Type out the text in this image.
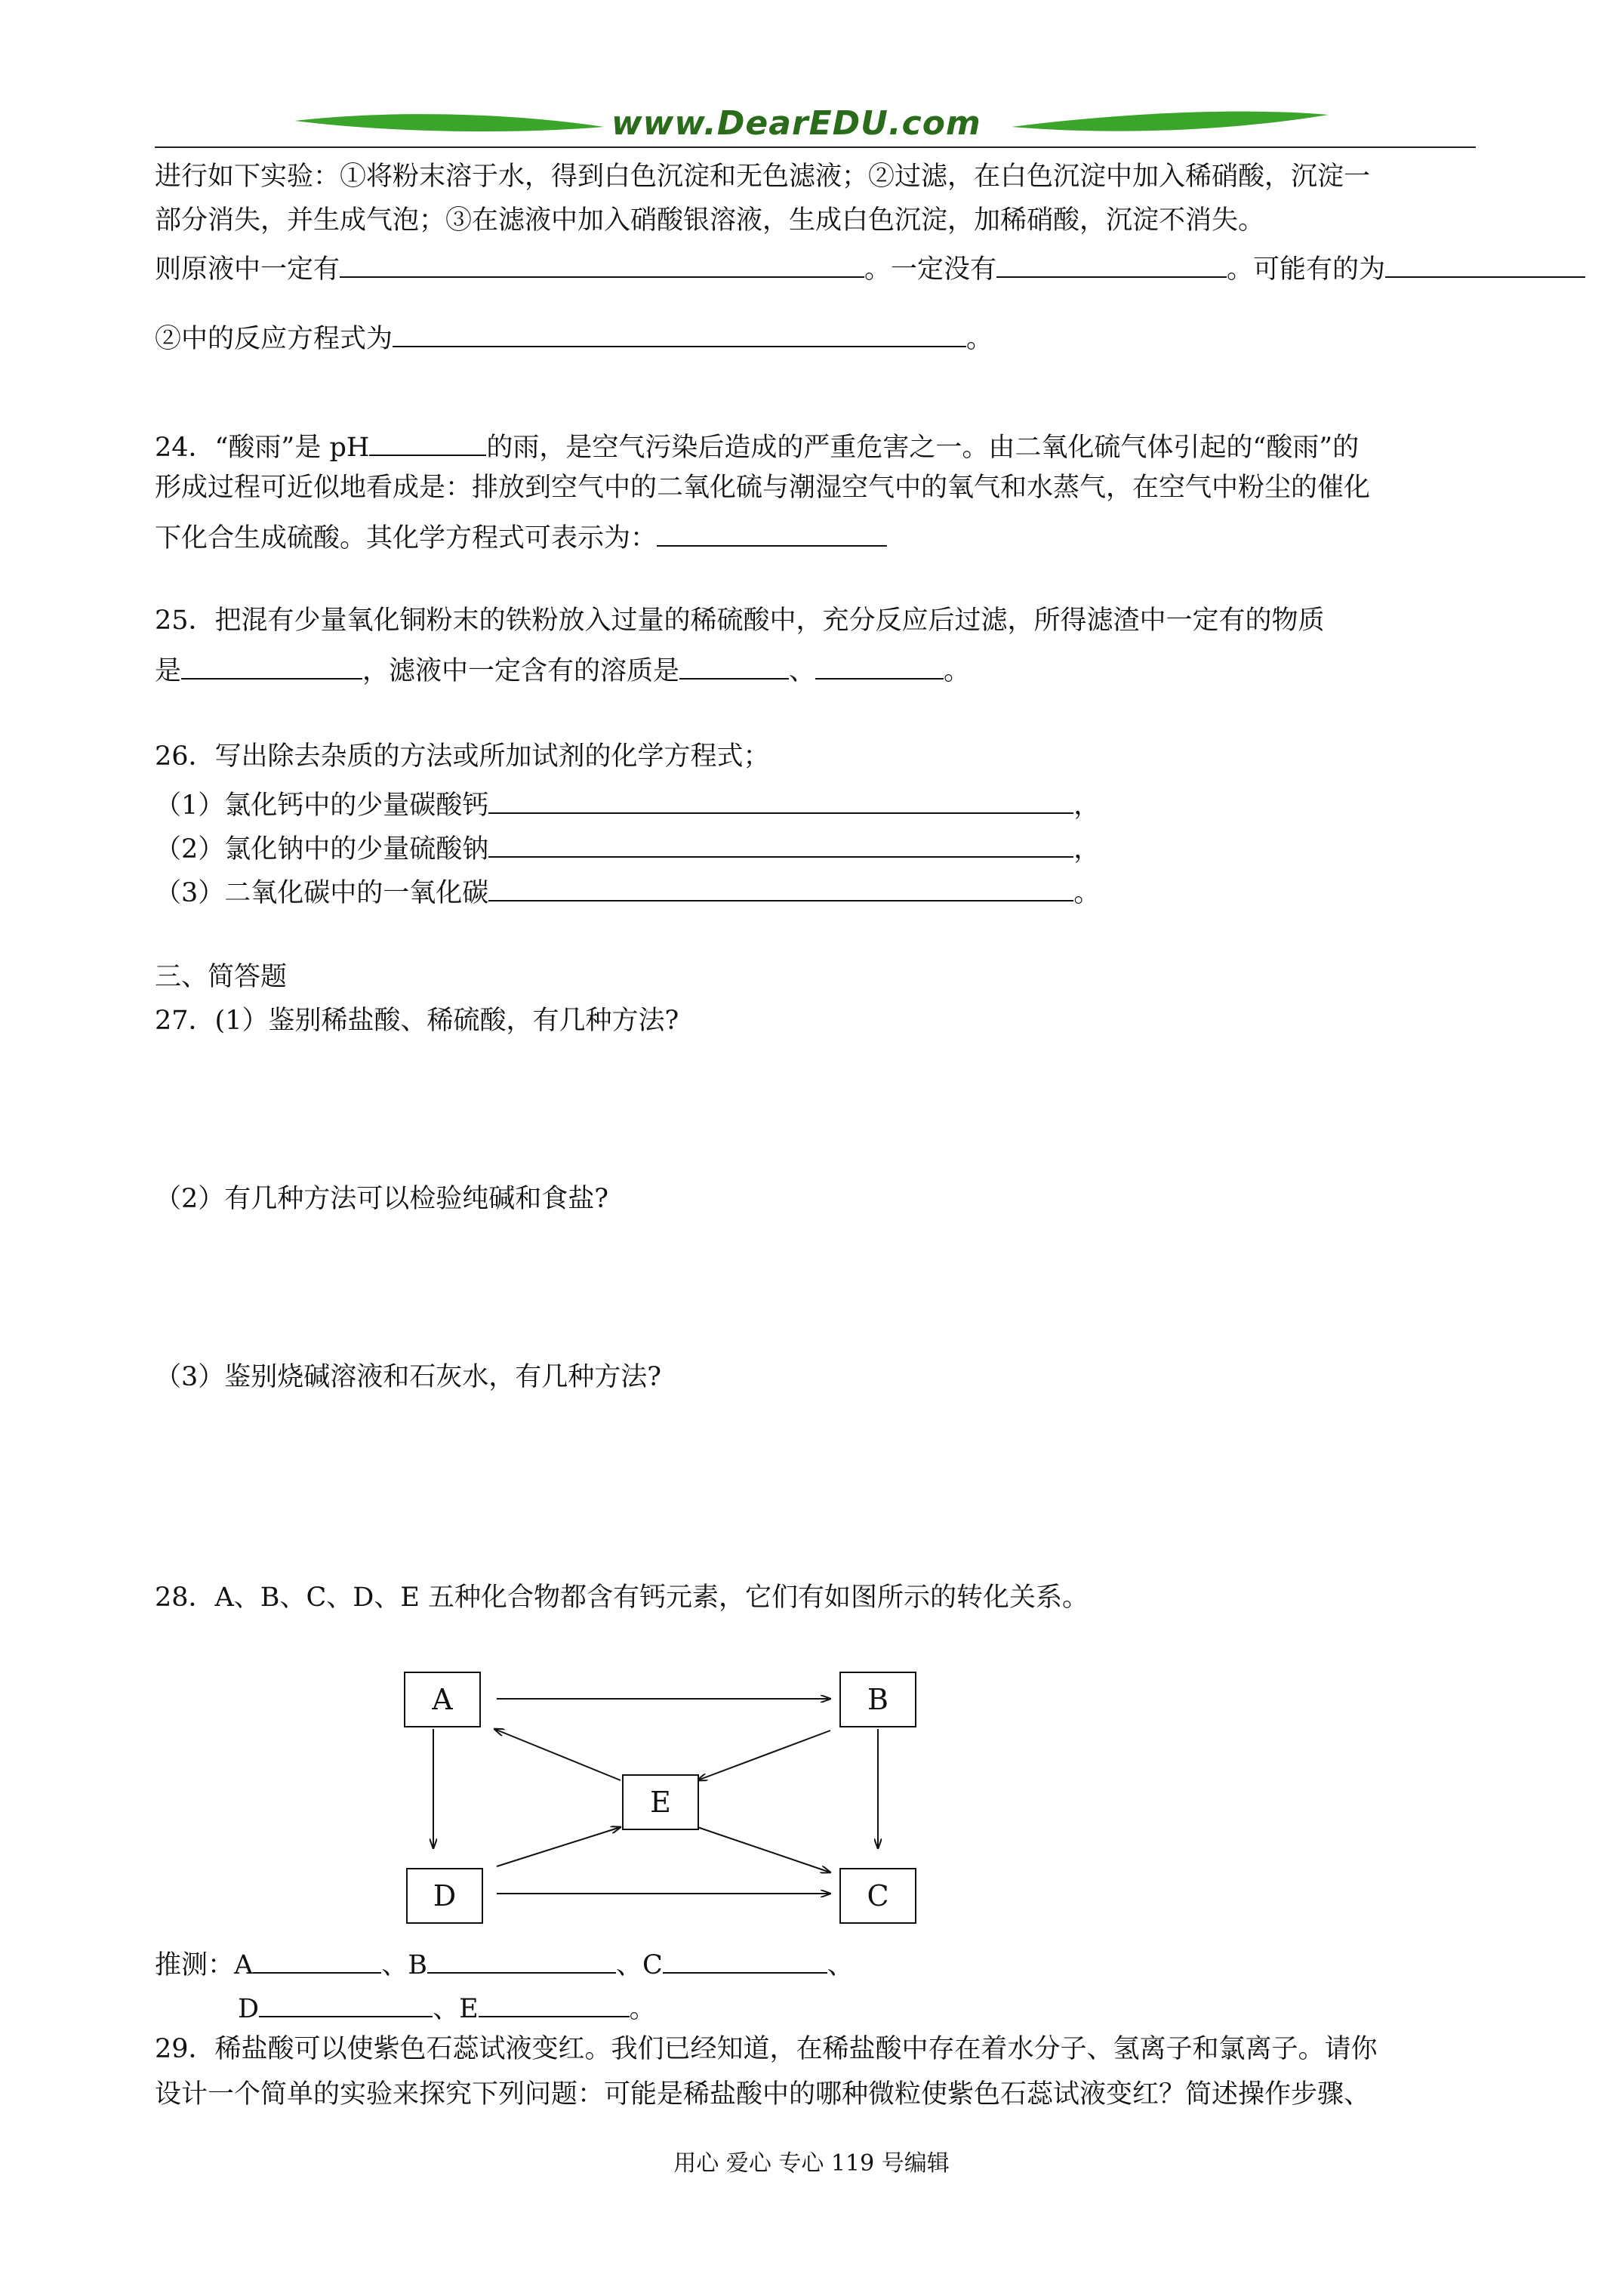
www.DearEDU.com
进行如下实验：①将粉末溶于水，得到白色沉淀和无色滤液；②过滤，在白色沉淀中加入稀硝酸，沉淀一
部分消失，并生成气泡；③在滤液中加入硝酸银溶液，生成白色沉淀，加稀硝酸，沉淀不消失。
则原液中一定有	。一定没有	。可能有的为
②中的反应方程式为	。
24．“酸雨”是 pH	的雨，是空气污染后造成的严重危害之一。由二氧化硫气体引起的“酸雨”的
形成过程可近似地看成是：排放到空气中的二氧化硫与潮湿空气中的氧气和水蒸气，在空气中粉尘的催化
下化合生成硫酸。其化学方程式可表示为：
25．把混有少量氧化铜粉末的铁粉放入过量的稀硫酸中，充分反应后过滤，所得滤渣中一定有的物质
是	，滤液中一定含有的溶质是	、	。
26．写出除去杂质的方法或所加试剂的化学方程式；
（1）氯化钙中的少量碳酸钙	，
（2）氯化钠中的少量硫酸钠	，
（3）二氧化碳中的一氧化碳	。
三、简答题
27．(1）鉴别稀盐酸、稀硫酸，有几种方法?
（2）有几种方法可以检验纯碱和食盐?
（3）鉴别烧碱溶液和石灰水，有几种方法?
28．A、B、C、D、E 五种化合物都含有钙元素，它们有如图所示的转化关系。
A	B
E
D	C
推测：A	、B	、C	、
D	、E	。
29．稀盐酸可以使紫色石蕊试液变红。我们已经知道，在稀盐酸中存在着水分子、氢离子和氯离子。请你
设计一个简单的实验来探究下列问题：可能是稀盐酸中的哪种微粒使紫色石蕊试液变红？简述操作步骤、
用心 爱心 专心 119 号编辑
